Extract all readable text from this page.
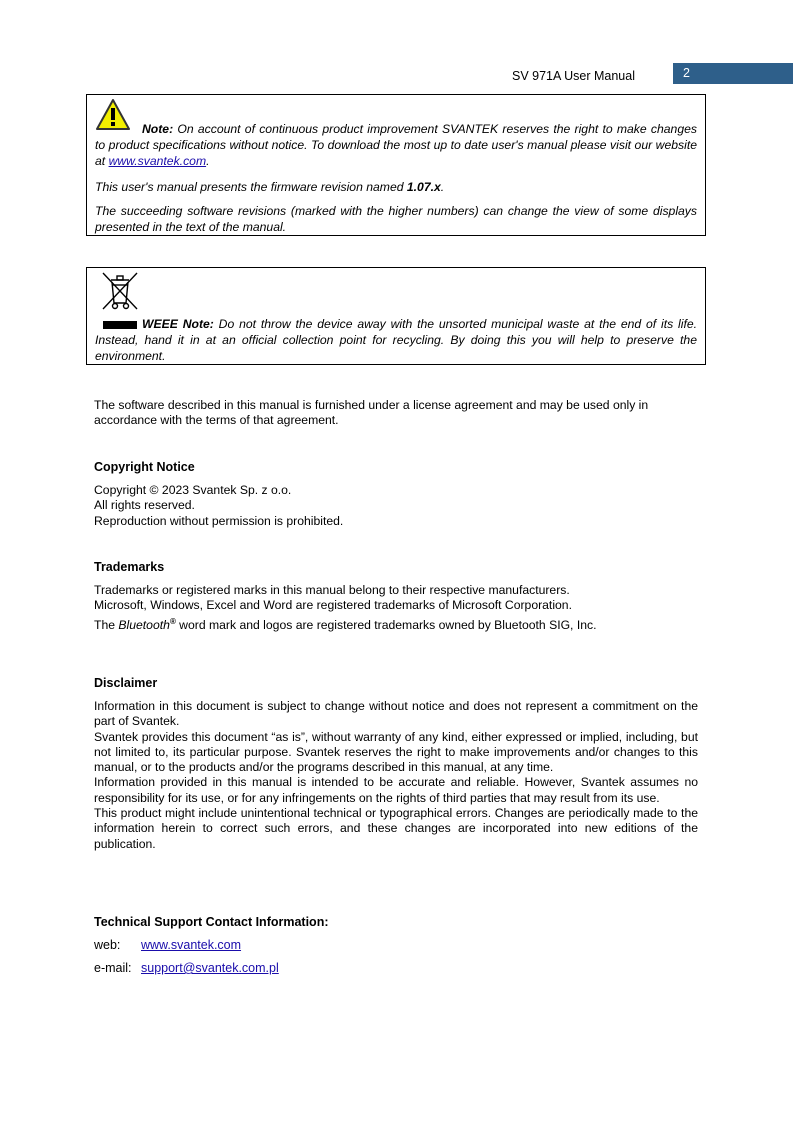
SV 971A User Manual	2

Note: On account of continuous product improvement SVANTEK reserves the right to make changes to product specifications without notice. To download the most up to date user's manual please visit our website at www.svantek.com.

This user's manual presents the firmware revision named 1.07.x.

The succeeding software revisions (marked with the higher numbers) can change the view of some displays presented in the text of the manual.

WEEE Note: Do not throw the device away with the unsorted municipal waste at the end of its life. Instead, hand it in at an official collection point for recycling. By doing this you will help to preserve the environment.

The software described in this manual is furnished under a license agreement and may be used only in accordance with the terms of that agreement.

Copyright Notice

Copyright © 2023 Svantek Sp. z o.o.
All rights reserved.
Reproduction without permission is prohibited.

Trademarks

Trademarks or registered marks in this manual belong to their respective manufacturers.
Microsoft, Windows, Excel and Word are registered trademarks of Microsoft Corporation.
The Bluetooth® word mark and logos are registered trademarks owned by Bluetooth SIG, Inc.

Disclaimer

Information in this document is subject to change without notice and does not represent a commitment on the part of Svantek.
Svantek provides this document “as is”, without warranty of any kind, either expressed or implied, including, but not limited to, its particular purpose. Svantek reserves the right to make improvements and/or changes to this manual, or to the products and/or the programs described in this manual, at any time.
Information provided in this manual is intended to be accurate and reliable. However, Svantek assumes no responsibility for its use, or for any infringements on the rights of third parties that may result from its use.
This product might include unintentional technical or typographical errors. Changes are periodically made to the information herein to correct such errors, and these changes are incorporated into new editions of the publication.

Technical Support Contact Information:

web: www.svantek.com
e-mail: support@svantek.com.pl
